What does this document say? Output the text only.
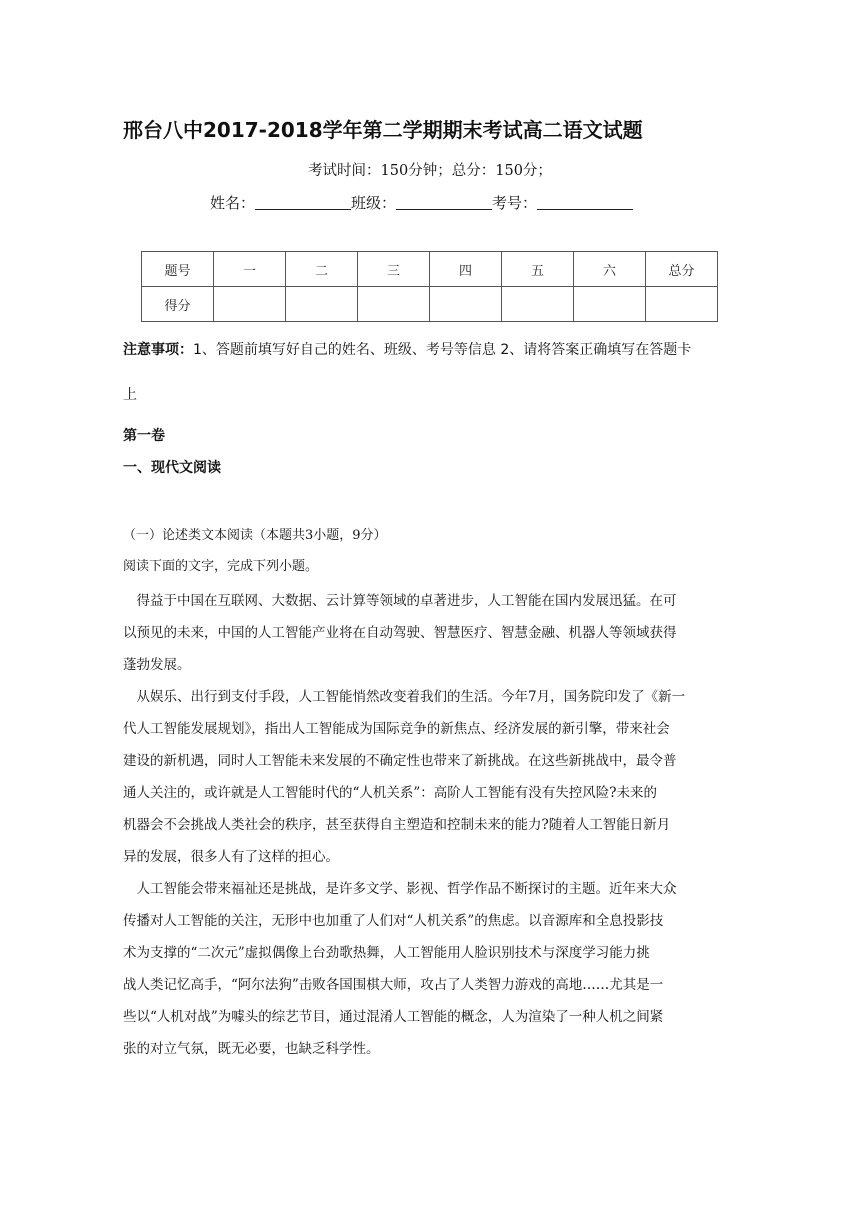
邢台八中2017-2018学年第二学期期末考试高二语文试题
考试时间：150分钟；总分：150分；
姓名：	班级：	考号：
题号	一	二	三	四	五	六	总分
得分							
注意事项：1、答题前填写好自己的姓名、班级、考号等信息 2、请将答案正确填写在答题卡
上
第一卷
一、现代文阅读
（一）论述类文本阅读（本题共3小题，9分）
阅读下面的文字，完成下列小题。
　得益于中国在互联网、大数据、云计算等领域的卓著进步，人工智能在国内发展迅猛。在可
以预见的未来，中国的人工智能产业将在自动驾驶、智慧医疗、智慧金融、机器人等领域获得
蓬勃发展。
　从娱乐、出行到支付手段，人工智能悄然改变着我们的生活。今年7月，国务院印发了《新一
代人工智能发展规划》，指出人工智能成为国际竞争的新焦点、经济发展的新引擎，带来社会
建设的新机遇，同时人工智能未来发展的不确定性也带来了新挑战。在这些新挑战中，最令普
通人关注的，或许就是人工智能时代的“人机关系”：高阶人工智能有没有失控风险?未来的
机器会不会挑战人类社会的秩序，甚至获得自主塑造和控制未来的能力?随着人工智能日新月
异的发展，很多人有了这样的担心。
　人工智能会带来福祉还是挑战，是许多文学、影视、哲学作品不断探讨的主题。近年来大众
传播对人工智能的关注，无形中也加重了人们对“人机关系”的焦虑。以音源库和全息投影技
术为支撑的“二次元”虚拟偶像上台劲歌热舞，人工智能用人脸识别技术与深度学习能力挑
战人类记忆高手，“阿尔法狗”击败各国围棋大师，攻占了人类智力游戏的高地……尤其是一
些以“人机对战”为噱头的综艺节目，通过混淆人工智能的概念，人为渲染了一种人机之间紧
张的对立气氛，既无必要，也缺乏科学性。
